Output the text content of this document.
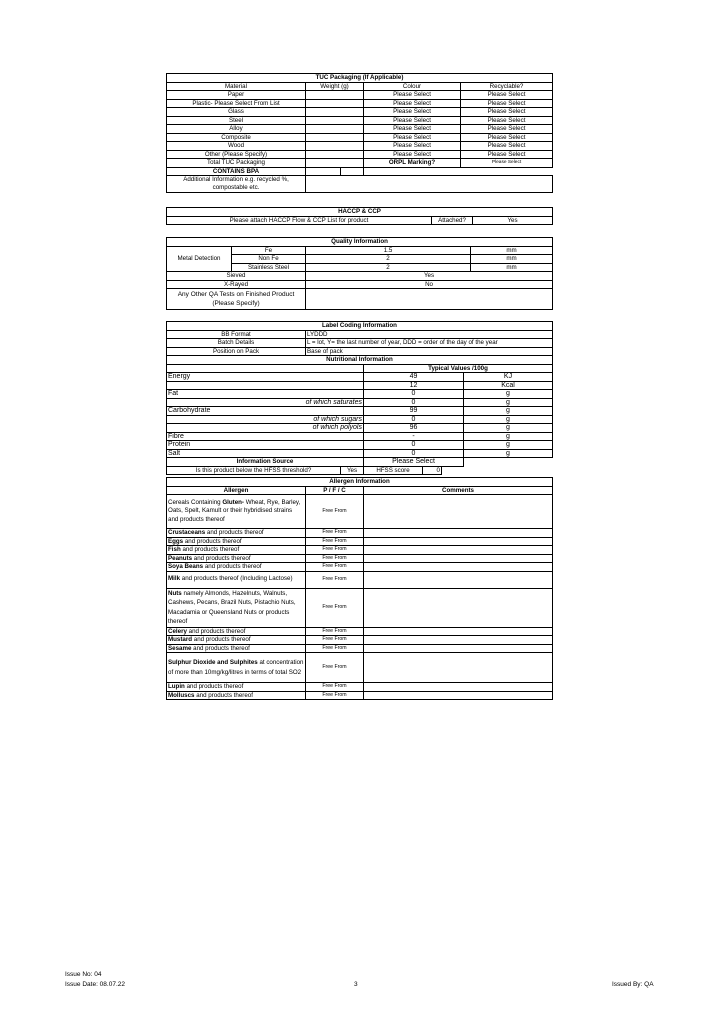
TUC Packaging (If Applicable)			
Material	Weight (g)	Colour	Recyclable?
Paper		Please Select	Please Select
Plastic- Please Select From List		Please Select	Please Select
Glass		Please Select	Please Select
Steel		Please Select	Please Select
Alloy		Please Select	Please Select
Composite		Please Select	Please Select
Wood		Please Select	Please Select
Other (Please Specify)		Please Select	Please Select
Total TUC Packaging		ORPL Marking?	Please Select
CONTAINS BPA			
Additional Information e.g. recycled %, compostable etc.	
HACCP & CCP
Please attach HACCP Flow & CCP List for product	Attached?	Yes
Quality Information			
Metal Detection	Fe	1.5	mm
	Non Fe	2	mm
	Stainless Steel	2	mm
Sieved		Yes	
X-Rayed		No	
Any Other QA Tests on Finished Product (Please Specify)			
Label Coding Information	
BB Format	LYDDD
Batch Details	L = lot, Y= the last number of year, DDD = order of the day of the year
Position on Pack	Base of pack
Nutritional Information		
	Typical Values /100g	
Energy	49	KJ
	12	Kcal
Fat	0	g
of which saturates	0	g
Carbohydrate	99	g
of which sugars	0	g
of which polyols	96	g
Fibre	-	g
Protein	0	g
Salt	0	g
Information Source	Please Select	
Is this product below the HFSS threshold?	Yes	HFSS score	0	
Allergen Information		
Allergen	P / F / C	Comments
Cereals Containing Gluten- Wheat, Rye, Barley, Oats, Spelt, Kamult or their hybridised strains and products thereof	Free From	
Crustaceans and products thereof	Free From	
Eggs and products thereof	Free From	
Fish and products thereof	Free From	
Peanuts and products thereof	Free From	
Soya Beans and products thereof	Free From	
Milk and products thereof (Including Lactose)	Free From	
Nuts namely Almonds, Hazelnuts, Walnuts, Cashews, Pecans, Brazil Nuts, Pistachio Nuts, Macadamia or Queensland Nuts or products thereof	Free From	
Celery and products thereof	Free From	
Mustard and products thereof	Free From	
Sesame and products thereof	Free From	
Sulphur Dioxide and Sulphites at concentration of more than 10mg/kg/litres in terms of total SO2	Free From	
Lupin and products thereof	Free From	
Molluscs and products thereof	Free From	
Issue No: 04
Issue Date: 08.07.22	3	Issued By: QA
